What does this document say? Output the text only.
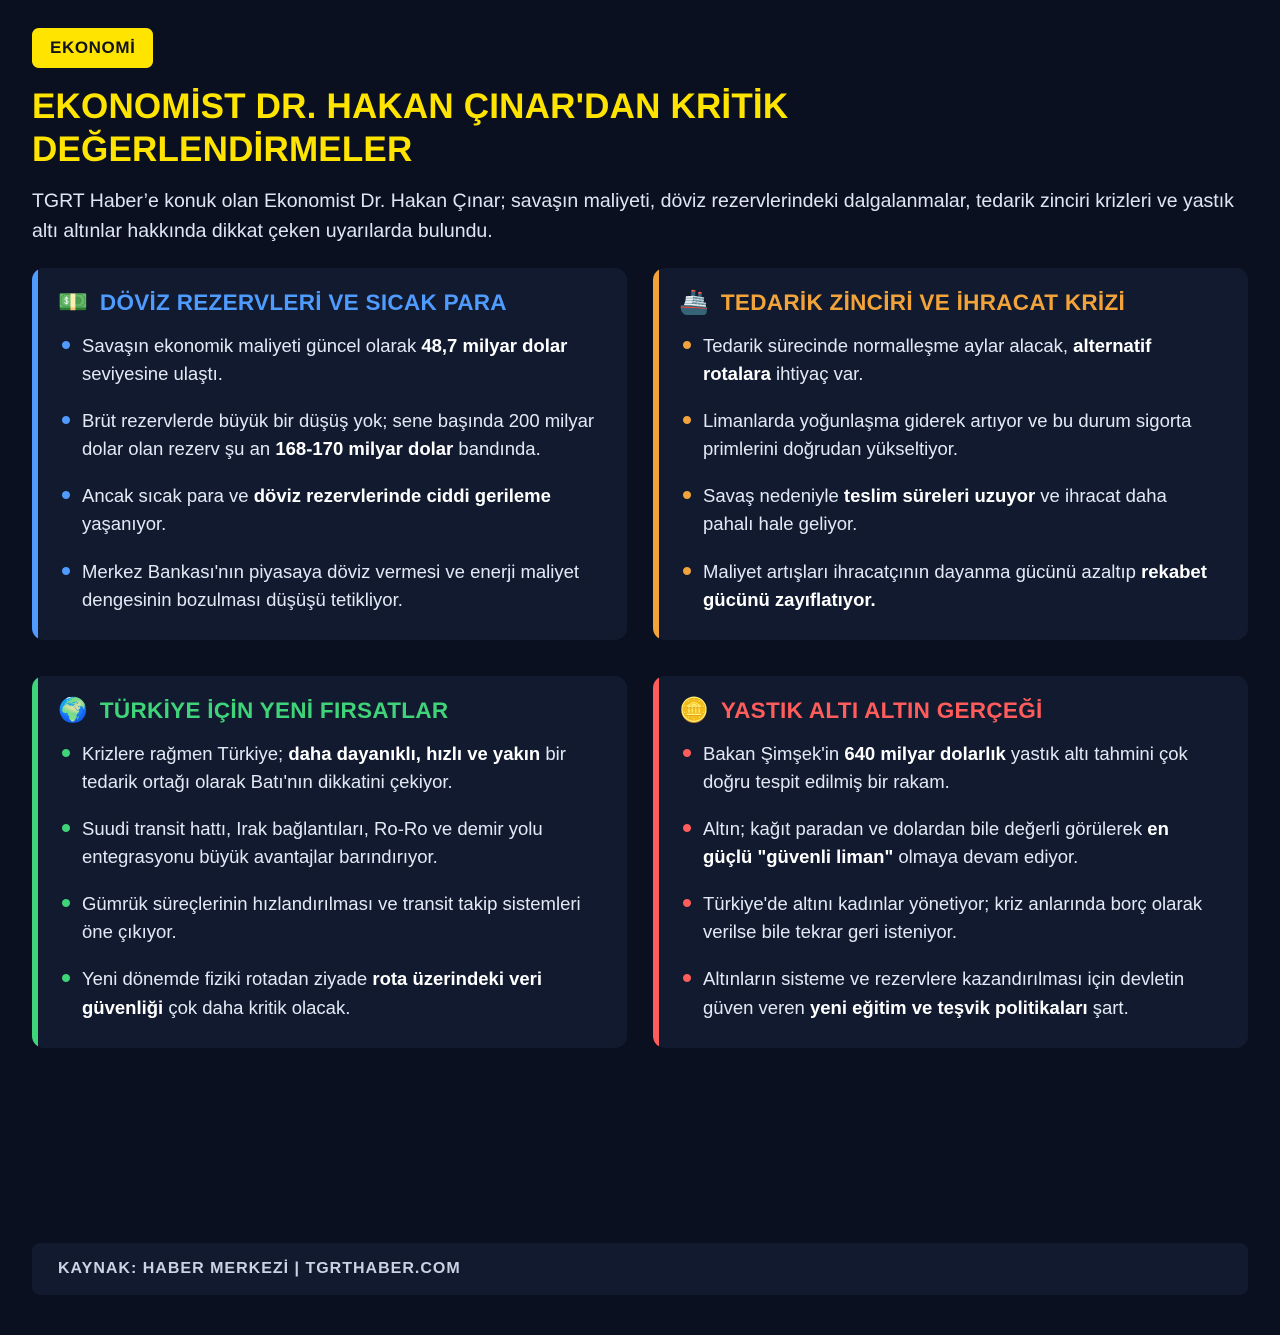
EKONOMİ
EKONOMİST DR. HAKAN ÇINAR'DAN KRİTİK DEĞERLENDİRMELER

TGRT Haber’e konuk olan Ekonomist Dr. Hakan Çınar; savaşın maliyeti, döviz rezervlerindeki dalgalanmalar, tedarik zinciri krizleri ve yastık altı altınlar hakkında dikkat çeken uyarılarda bulundu.

💵 DÖVİZ REZERVLERİ VE SICAK PARA
Savaşın ekonomik maliyeti güncel olarak 48,7 milyar dolar seviyesine ulaştı.
Brüt rezervlerde büyük bir düşüş yok; sene başında 200 milyar dolar olan rezerv şu an 168-170 milyar dolar bandında.
Ancak sıcak para ve döviz rezervlerinde ciddi gerileme yaşanıyor.
Merkez Bankası'nın piyasaya döviz vermesi ve enerji maliyet dengesinin bozulması düşüşü tetikliyor.
🚢 TEDARİK ZİNCİRİ VE İHRACAT KRİZİ
Tedarik sürecinde normalleşme aylar alacak, alternatif rotalara ihtiyaç var.
Limanlarda yoğunlaşma giderek artıyor ve bu durum sigorta primlerini doğrudan yükseltiyor.
Savaş nedeniyle teslim süreleri uzuyor ve ihracat daha pahalı hale geliyor.
Maliyet artışları ihracatçının dayanma gücünü azaltıp rekabet gücünü zayıflatıyor.
🌍 TÜRKİYE İÇİN YENİ FIRSATLAR
Krizlere rağmen Türkiye; daha dayanıklı, hızlı ve yakın bir tedarik ortağı olarak Batı'nın dikkatini çekiyor.
Suudi transit hattı, Irak bağlantıları, Ro-Ro ve demir yolu entegrasyonu büyük avantajlar barındırıyor.
Gümrük süreçlerinin hızlandırılması ve transit takip sistemleri öne çıkıyor.
Yeni dönemde fiziki rotadan ziyade rota üzerindeki veri güvenliği çok daha kritik olacak.
🪙 YASTIK ALTI ALTIN GERÇEĞİ
Bakan Şimşek'in 640 milyar dolarlık yastık altı tahmini çok doğru tespit edilmiş bir rakam.
Altın; kağıt paradan ve dolardan bile değerli görülerek en güçlü "güvenli liman" olmaya devam ediyor.
Türkiye'de altını kadınlar yönetiyor; kriz anlarında borç olarak verilse bile tekrar geri isteniyor.
Altınların sisteme ve rezervlere kazandırılması için devletin güven veren yeni eğitim ve teşvik politikaları şart.
KAYNAK: HABER MERKEZİ | TGRTHABER.COM
